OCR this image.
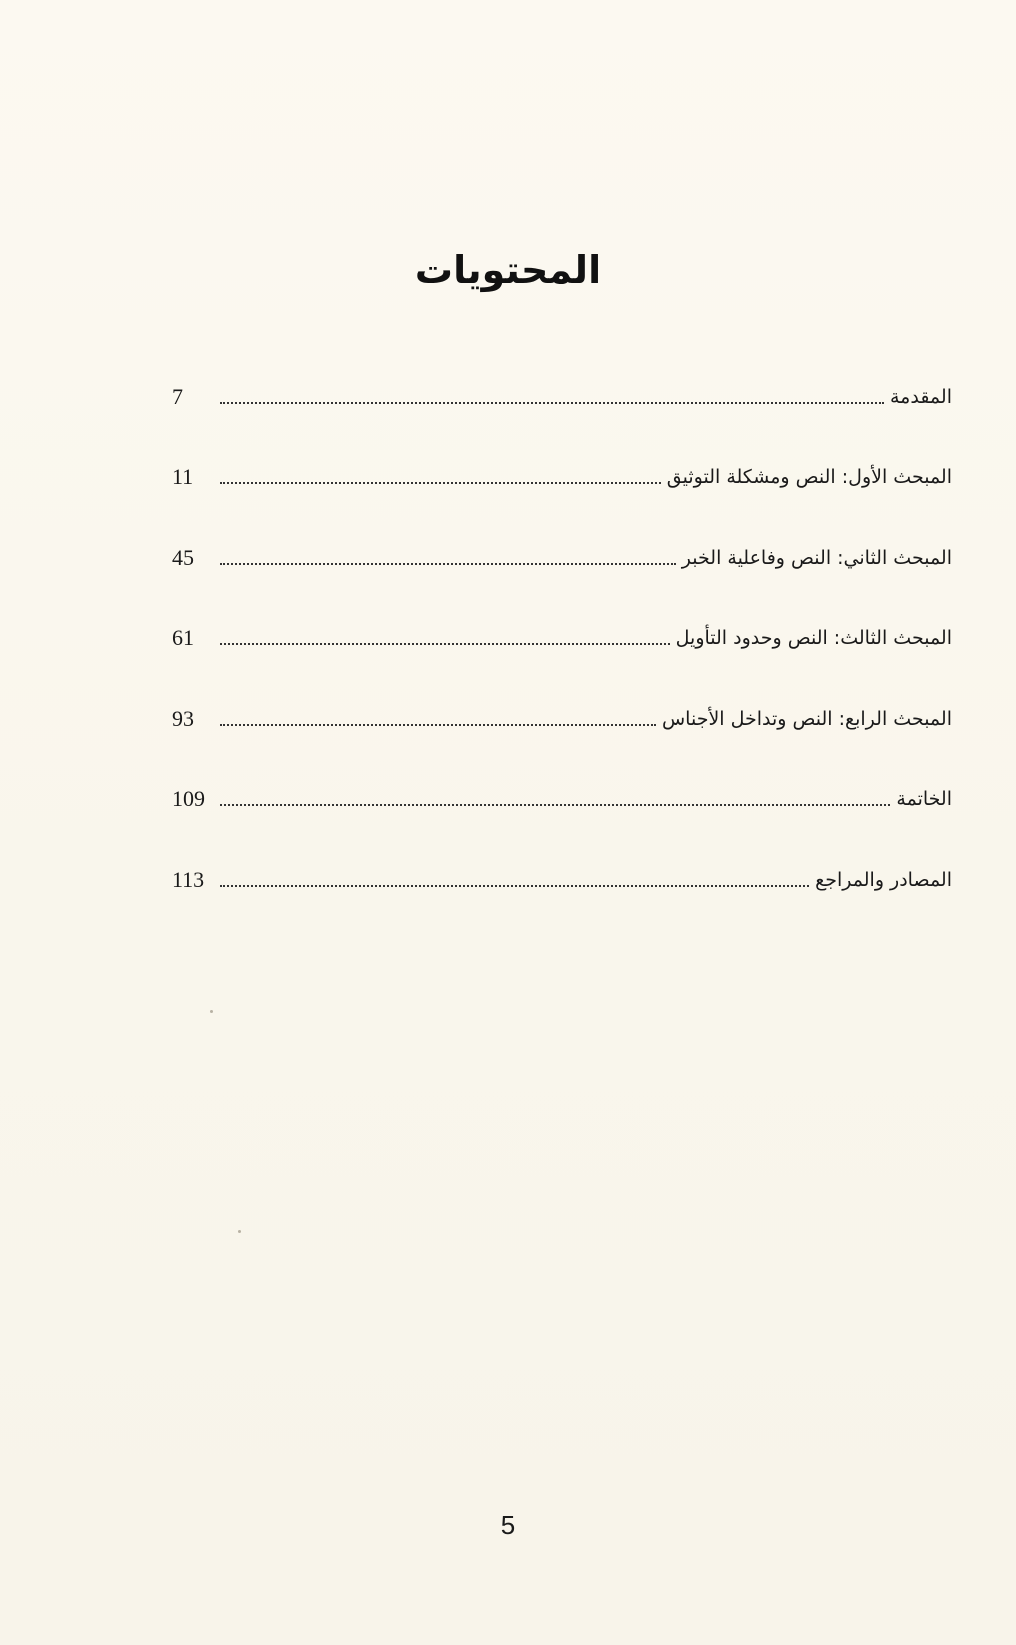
المحتويات
7	المقدمة
11	المبحث الأول: النص ومشكلة التوثيق
45	المبحث الثاني: النص وفاعلية الخبر
61	المبحث الثالث: النص وحدود التأويل
93	المبحث الرابع: النص وتداخل الأجناس
109	الخاتمة
113	المصادر والمراجع
5
